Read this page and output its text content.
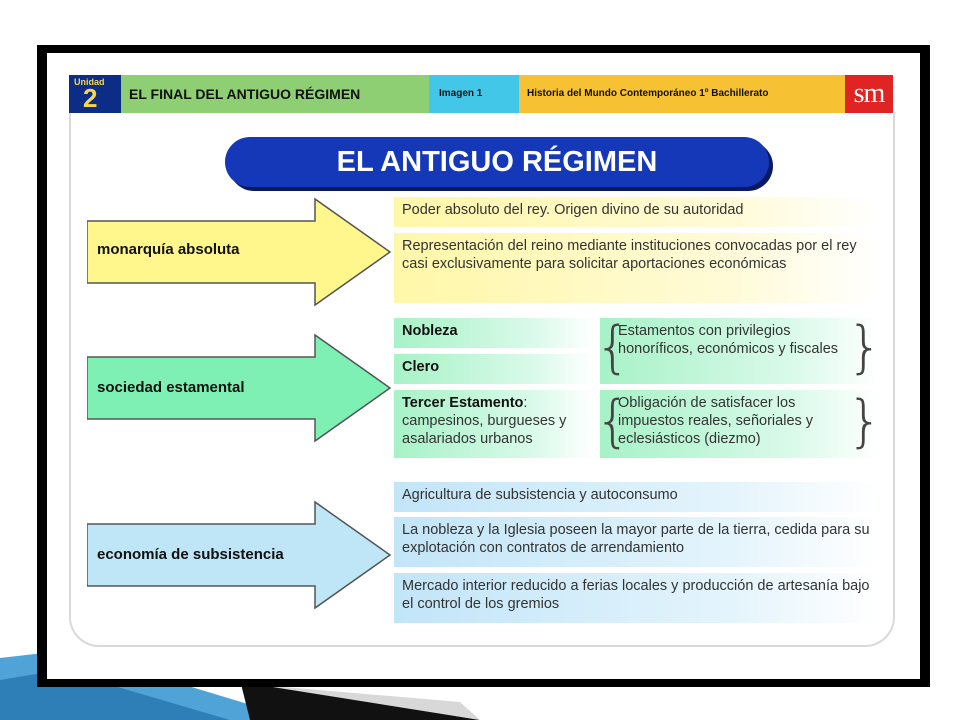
Unidad
2	EL FINAL DEL ANTIGUO RÉGIMEN	Imagen 1	Historia del Mundo Contemporáneo 1º Bachillerato	sm
EL ANTIGUO RÉGIMEN
monarquía absoluta
Poder absoluto del rey. Origen divino de su autoridad
Representación del reino mediante instituciones convocadas por el rey casi exclusivamente para solicitar aportaciones económicas
sociedad estamental
Nobleza
Clero
Tercer Estamento: campesinos, burgueses y asalariados urbanos
Estamentos con privilegios honoríficos, económicos y fiscales
Obligación de satisfacer los impuestos reales, señoriales y eclesiásticos (diezmo)
{	}
{	}
economía de subsistencia
Agricultura de subsistencia y autoconsumo
La nobleza y la Iglesia poseen la mayor parte de la tierra, cedida para su explotación con contratos de arrendamiento
Mercado interior reducido a ferias locales y producción de artesanía bajo el control de los gremios
